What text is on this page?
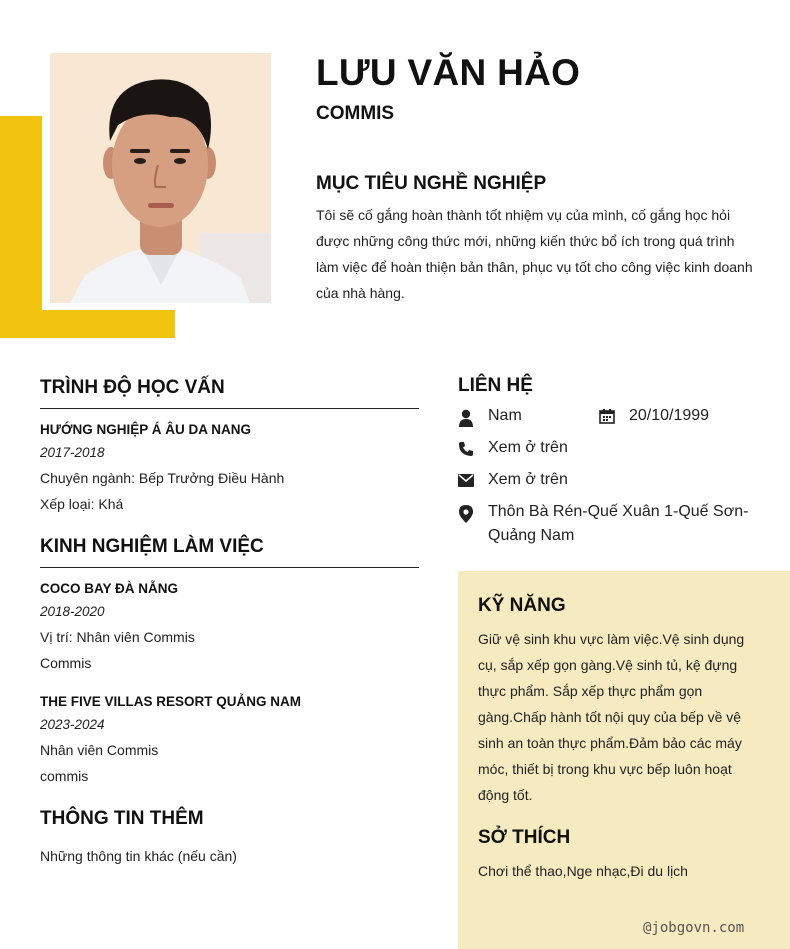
LƯU VĂN HẢO
COMMIS
MỤC TIÊU NGHỀ NGHIỆP
Tôi sẽ cố gắng hoàn thành tốt nhiệm vụ của mình, cố gắng học hỏi được những công thức mới, những kiến thức bổ ích trong quá trình làm việc để hoàn thiện bản thân, phục vụ tốt cho công việc kinh doanh của nhà hàng.
TRÌNH ĐỘ HỌC VẤN
HƯỚNG NGHIỆP Á ÂU DA NANG
2017-2018
Chuyên ngành: Bếp Trưởng Điều Hành
Xếp loại: Khá
KINH NGHIỆM LÀM VIỆC
COCO BAY ĐÀ NẴNG
2018-2020
Vị trí: Nhân viên Commis
Commis
THE FIVE VILLAS RESORT QUẢNG NAM
2023-2024
Nhân viên Commis
commis
THÔNG TIN THÊM
Những thông tin khác (nếu cần)
LIÊN HỆ
Nam	20/10/1999
Xem ở trên
Xem ở trên
Thôn Bà Rén-Quế Xuân 1-Quế Sơn-
Quảng Nam
KỸ NĂNG
Giữ vệ sinh khu vực làm việc.Vệ sinh dụng cụ, sắp xếp gọn gàng.Vệ sinh tủ, kệ đựng thực phẩm. Sắp xếp thực phẩm gọn gàng.Chấp hành tốt nội quy của bếp về vệ sinh an toàn thực phẩm.Đảm bảo các máy móc, thiết bị trong khu vực bếp luôn hoạt động tốt.
SỞ THÍCH
Chơi thể thao,Nge nhạc,Đi du lịch
@jobgovn.com
